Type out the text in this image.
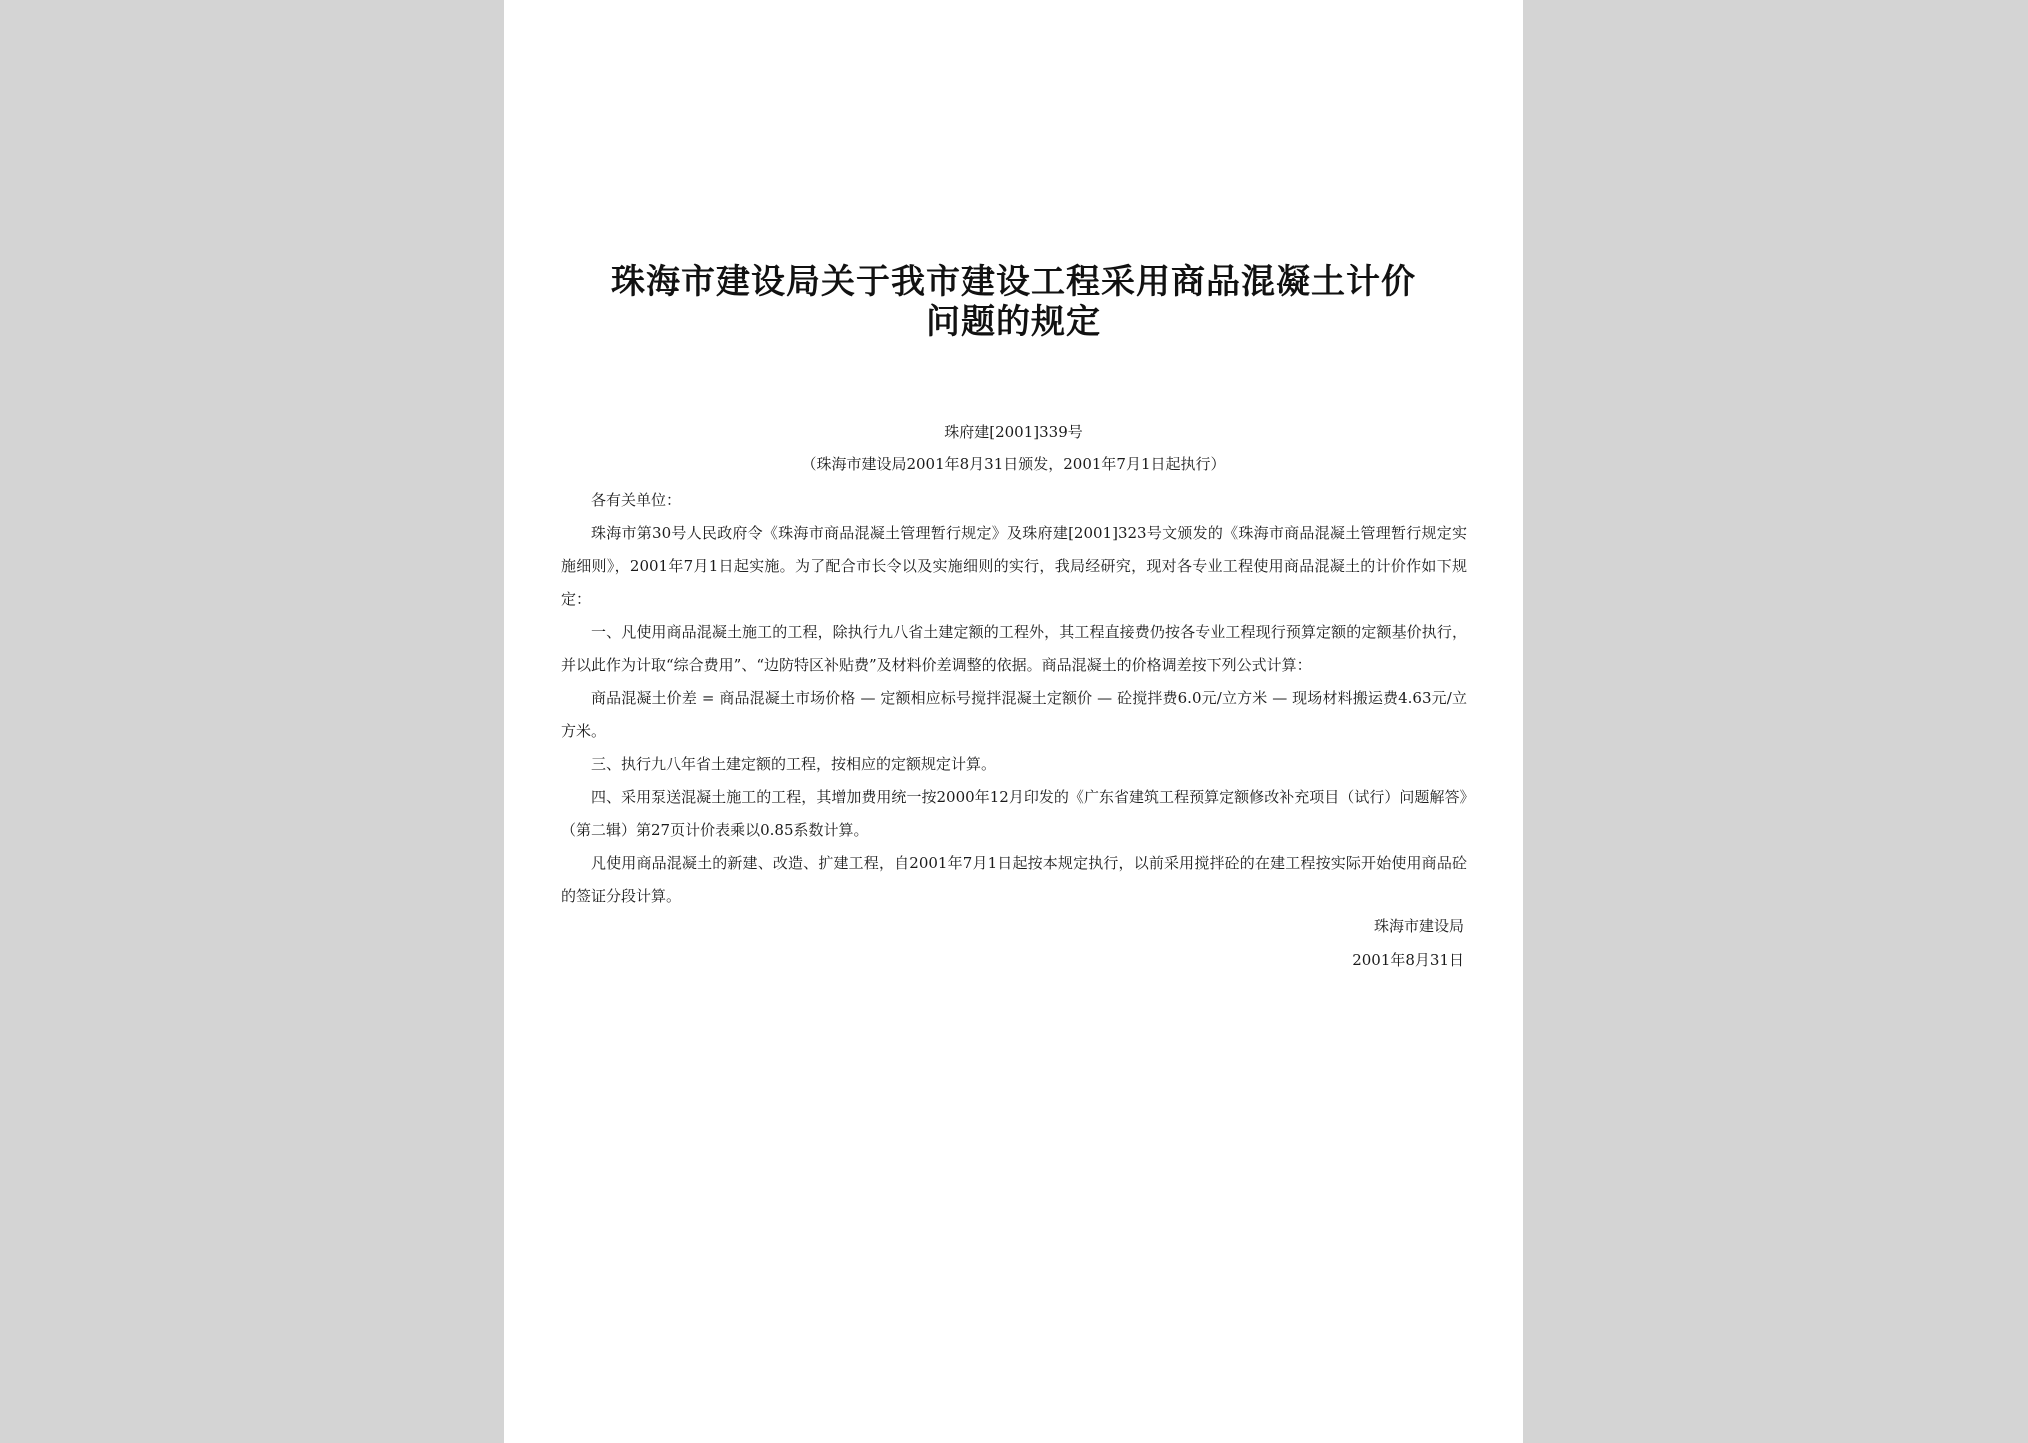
珠海市建设局关于我市建设工程采用商品混凝土计价
问题的规定
珠府建[2001]339号
（珠海市建设局2001年8月31日颁发，2001年7月1日起执行）

各有关单位：

珠海市第30号人民政府令《珠海市商品混凝土管理暂行规定》及珠府建[2001]323号文颁发的《珠海市商品混凝土管理暂行规定实施细则》，2001年7月1日起实施。为了配合市长令以及实施细则的实行，我局经研究，现对各专业工程使用商品混凝土的计价作如下规定：

一、凡使用商品混凝土施工的工程，除执行九八省土建定额的工程外，其工程直接费仍按各专业工程现行预算定额的定额基价执行，并以此作为计取“综合费用”、“边防特区补贴费”及材料价差调整的依据。商品混凝土的价格调差按下列公式计算：

商品混凝土价差 = 商品混凝土市场价格 — 定额相应标号搅拌混凝土定额价 — 砼搅拌费6.0元/立方米 — 现场材料搬运费4.63元/立方米。

三、执行九八年省土建定额的工程，按相应的定额规定计算。

四、采用泵送混凝土施工的工程，其增加费用统一按2000年12月印发的《广东省建筑工程预算定额修改补充项目（试行）问题解答》（第二辑）第27页计价表乘以0.85系数计算。

凡使用商品混凝土的新建、改造、扩建工程，自2001年7月1日起按本规定执行，以前采用搅拌砼的在建工程按实际开始使用商品砼的签证分段计算。

珠海市建设局
2001年8月31日
